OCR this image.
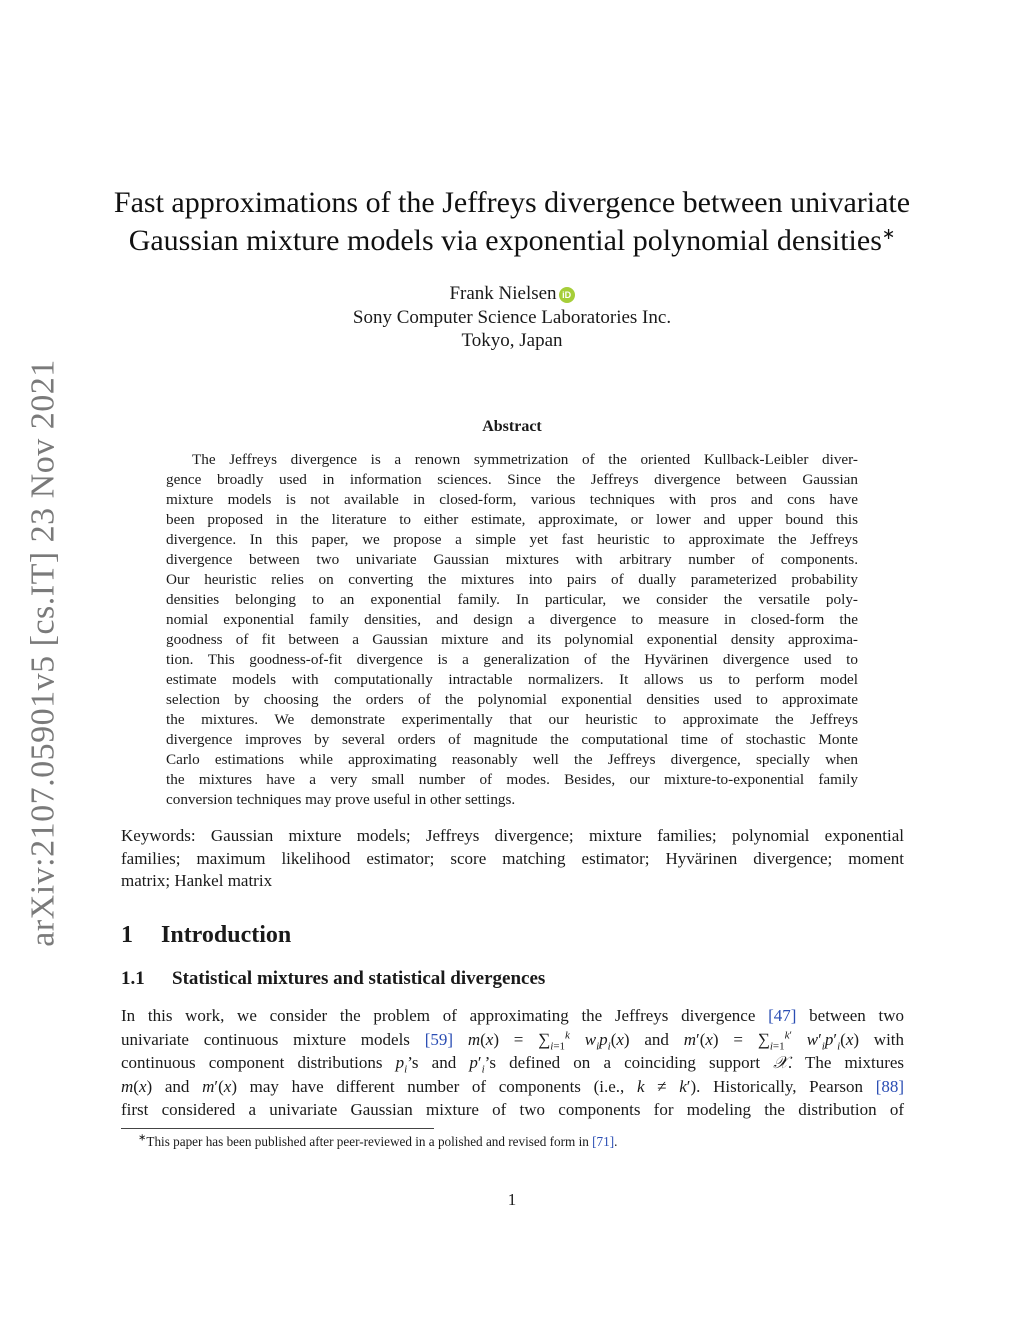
arXiv:2107.05901v5 [cs.IT] 23 Nov 2021
Fast approximations of the Jeffreys divergence between univariate
Gaussian mixture models via exponential polynomial densities∗
Frank Nielsen iD
Sony Computer Science Laboratories Inc.
Tokyo, Japan
Abstract
The Jeffreys divergence is a renown symmetrization of the oriented Kullback-Leibler diver-
gence broadly used in information sciences. Since the Jeffreys divergence between Gaussian
mixture models is not available in closed-form, various techniques with pros and cons have
been proposed in the literature to either estimate, approximate, or lower and upper bound this
divergence. In this paper, we propose a simple yet fast heuristic to approximate the Jeffreys
divergence between two univariate Gaussian mixtures with arbitrary number of components.
Our heuristic relies on converting the mixtures into pairs of dually parameterized probability
densities belonging to an exponential family. In particular, we consider the versatile poly-
nomial exponential family densities, and design a divergence to measure in closed-form the
goodness of fit between a Gaussian mixture and its polynomial exponential density approxima-
tion. This goodness-of-fit divergence is a generalization of the Hyvärinen divergence used to
estimate models with computationally intractable normalizers. It allows us to perform model
selection by choosing the orders of the polynomial exponential densities used to approximate
the mixtures. We demonstrate experimentally that our heuristic to approximate the Jeffreys
divergence improves by several orders of magnitude the computational time of stochastic Monte
Carlo estimations while approximating reasonably well the Jeffreys divergence, specially when
the mixtures have a very small number of modes. Besides, our mixture-to-exponential family
conversion techniques may prove useful in other settings.
Keywords: Gaussian mixture models; Jeffreys divergence; mixture families; polynomial exponential
families; maximum likelihood estimator; score matching estimator; Hyvärinen divergence; moment
matrix; Hankel matrix
1 Introduction
1.1 Statistical mixtures and statistical divergences
In this work, we consider the problem of approximating the Jeffreys divergence [47] between two
univariate continuous mixture models [59] $m(x) = \sum_{i=1}^k$ $w_ip_i(x)$ and $m'(x) = \sum_{i=1}^{k'}$ $w'_ip'_i(x)$ with
continuous component distributions $p_i’s$ and $p'_i’s$ defined on a coinciding support 𝒳. The mixtures
m(x) and m′(x) may have different number of components (i.e., k ≠ k′). Historically, Pearson [88]
first considered a univariate Gaussian mixture of two components for modeling the distribution of
∗This paper has been published after peer-reviewed in a polished and revised form in [71].
1
